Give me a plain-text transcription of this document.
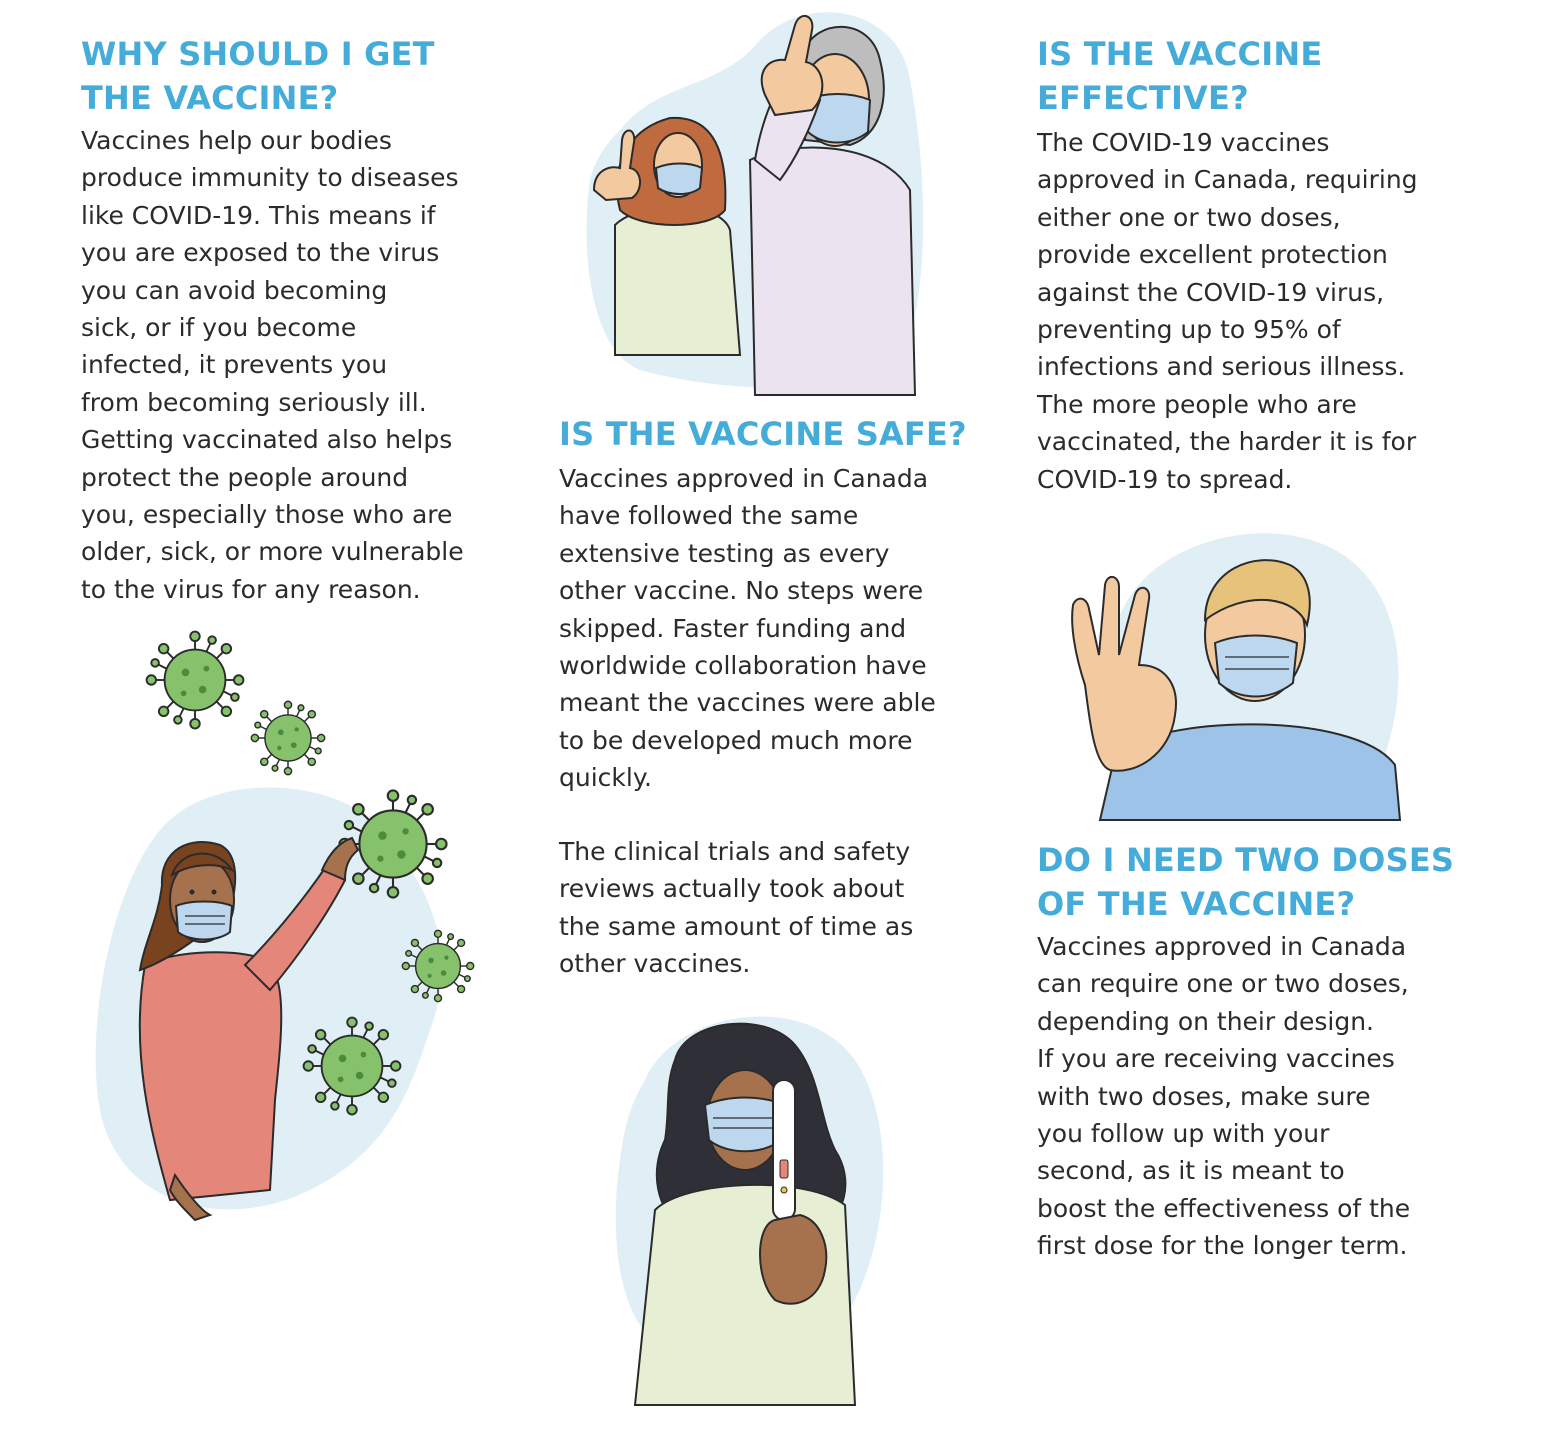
WHY SHOULD I GET
THE VACCINE?

Vaccines help our bodies
produce immunity to diseases
like COVID-19. This means if
you are exposed to the virus
you can avoid becoming
sick, or if you become
infected, it prevents you
from becoming seriously ill.
Getting vaccinated also helps
protect the people around
you, especially those who are
older, sick, or more vulnerable
to the virus for any reason.

IS THE VACCINE SAFE?

Vaccines approved in Canada
have followed the same
extensive testing as every
other vaccine. No steps were
skipped. Faster funding and
worldwide collaboration have
meant the vaccines were able
to be developed much more
quickly.

The clinical trials and safety
reviews actually took about
the same amount of time as
other vaccines.

IS THE VACCINE
EFFECTIVE?

The COVID-19 vaccines
approved in Canada, requiring
either one or two doses,
provide excellent protection
against the COVID-19 virus,
preventing up to 95% of
infections and serious illness.
The more people who are
vaccinated, the harder it is for
COVID-19 to spread.

DO I NEED TWO DOSES
OF THE VACCINE?

Vaccines approved in Canada
can require one or two doses,
depending on their design.
If you are receiving vaccines
with two doses, make sure
you follow up with your
second, as it is meant to
boost the effectiveness of the
first dose for the longer term.
